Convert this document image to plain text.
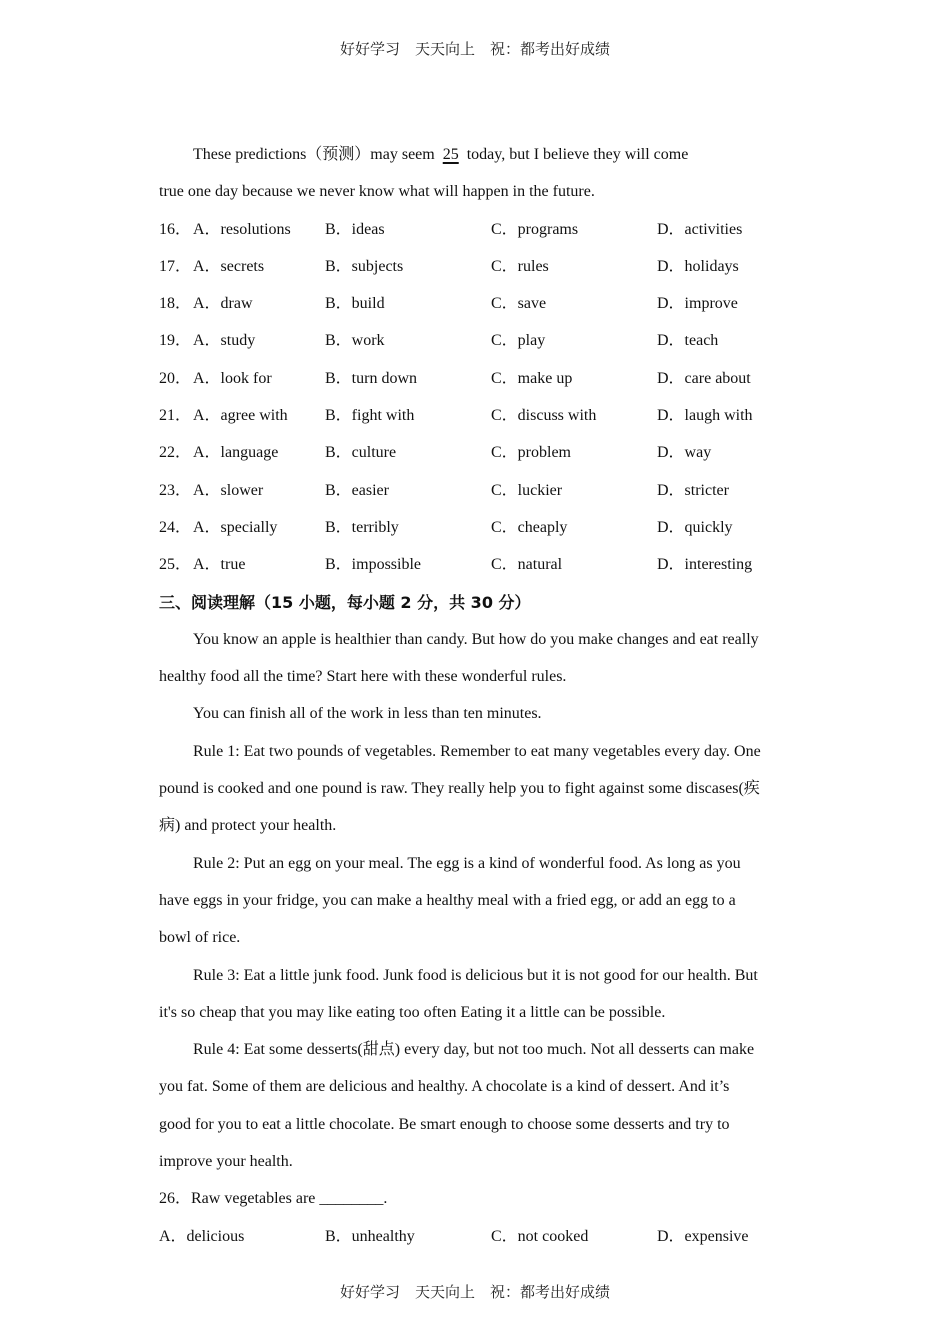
好好学习　天天向上　祝：都考出好成绩
These predictions（预测）may seem 25 today, but I believe they will come
true one day because we never know what will happen in the future.
16． A．resolutions B．ideas	C．programs	D．activities
17． A．secrets	B．subjects	C．rules	D．holidays
18． A．draw	B．build	C．save	D．improve
19． A．study	B．work	C．play	D．teach
20． A．look for	B．turn down	C．make up	D．care about
21． A．agree with B．fight with	C．discuss with	D．laugh with
22． A．language	B．culture	C．problem	D．way
23． A．slower	B．easier	C．luckier	D．stricter
24． A．specially	B．terribly	C．cheaply	D．quickly
25． A．true	B．impossible	C．natural	D．interesting
三、阅读理解（15 小题，每小题 2 分，共 30 分）
You know an apple is healthier than candy. But how do you make changes and eat really
healthy food all the time? Start here with these wonderful rules.
You can finish all of the work in less than ten minutes.
Rule 1: Eat two pounds of vegetables. Remember to eat many vegetables every day. One
pound is cooked and one pound is raw. They really help you to fight against some discases(疾
病) and protect your health.
Rule 2: Put an egg on your meal. The egg is a kind of wonderful food. As long as you
have eggs in your fridge, you can make a healthy meal with a fried egg, or add an egg to a
bowl of rice.
Rule 3: Eat a little junk food. Junk food is delicious but it is not good for our health. But
it's so cheap that you may like eating too often Eating it a little can be possible.
Rule 4: Eat some desserts(甜点) every day, but not too much. Not all desserts can make
you fat. Some of them are delicious and healthy. A chocolate is a kind of dessert. And it’s
good for you to eat a little chocolate. Be smart enough to choose some desserts and try to
improve your health.
26．Raw vegetables are ________.
A．delicious	B．unhealthy	C．not cooked	D．expensive
好好学习　天天向上　祝：都考出好成绩
